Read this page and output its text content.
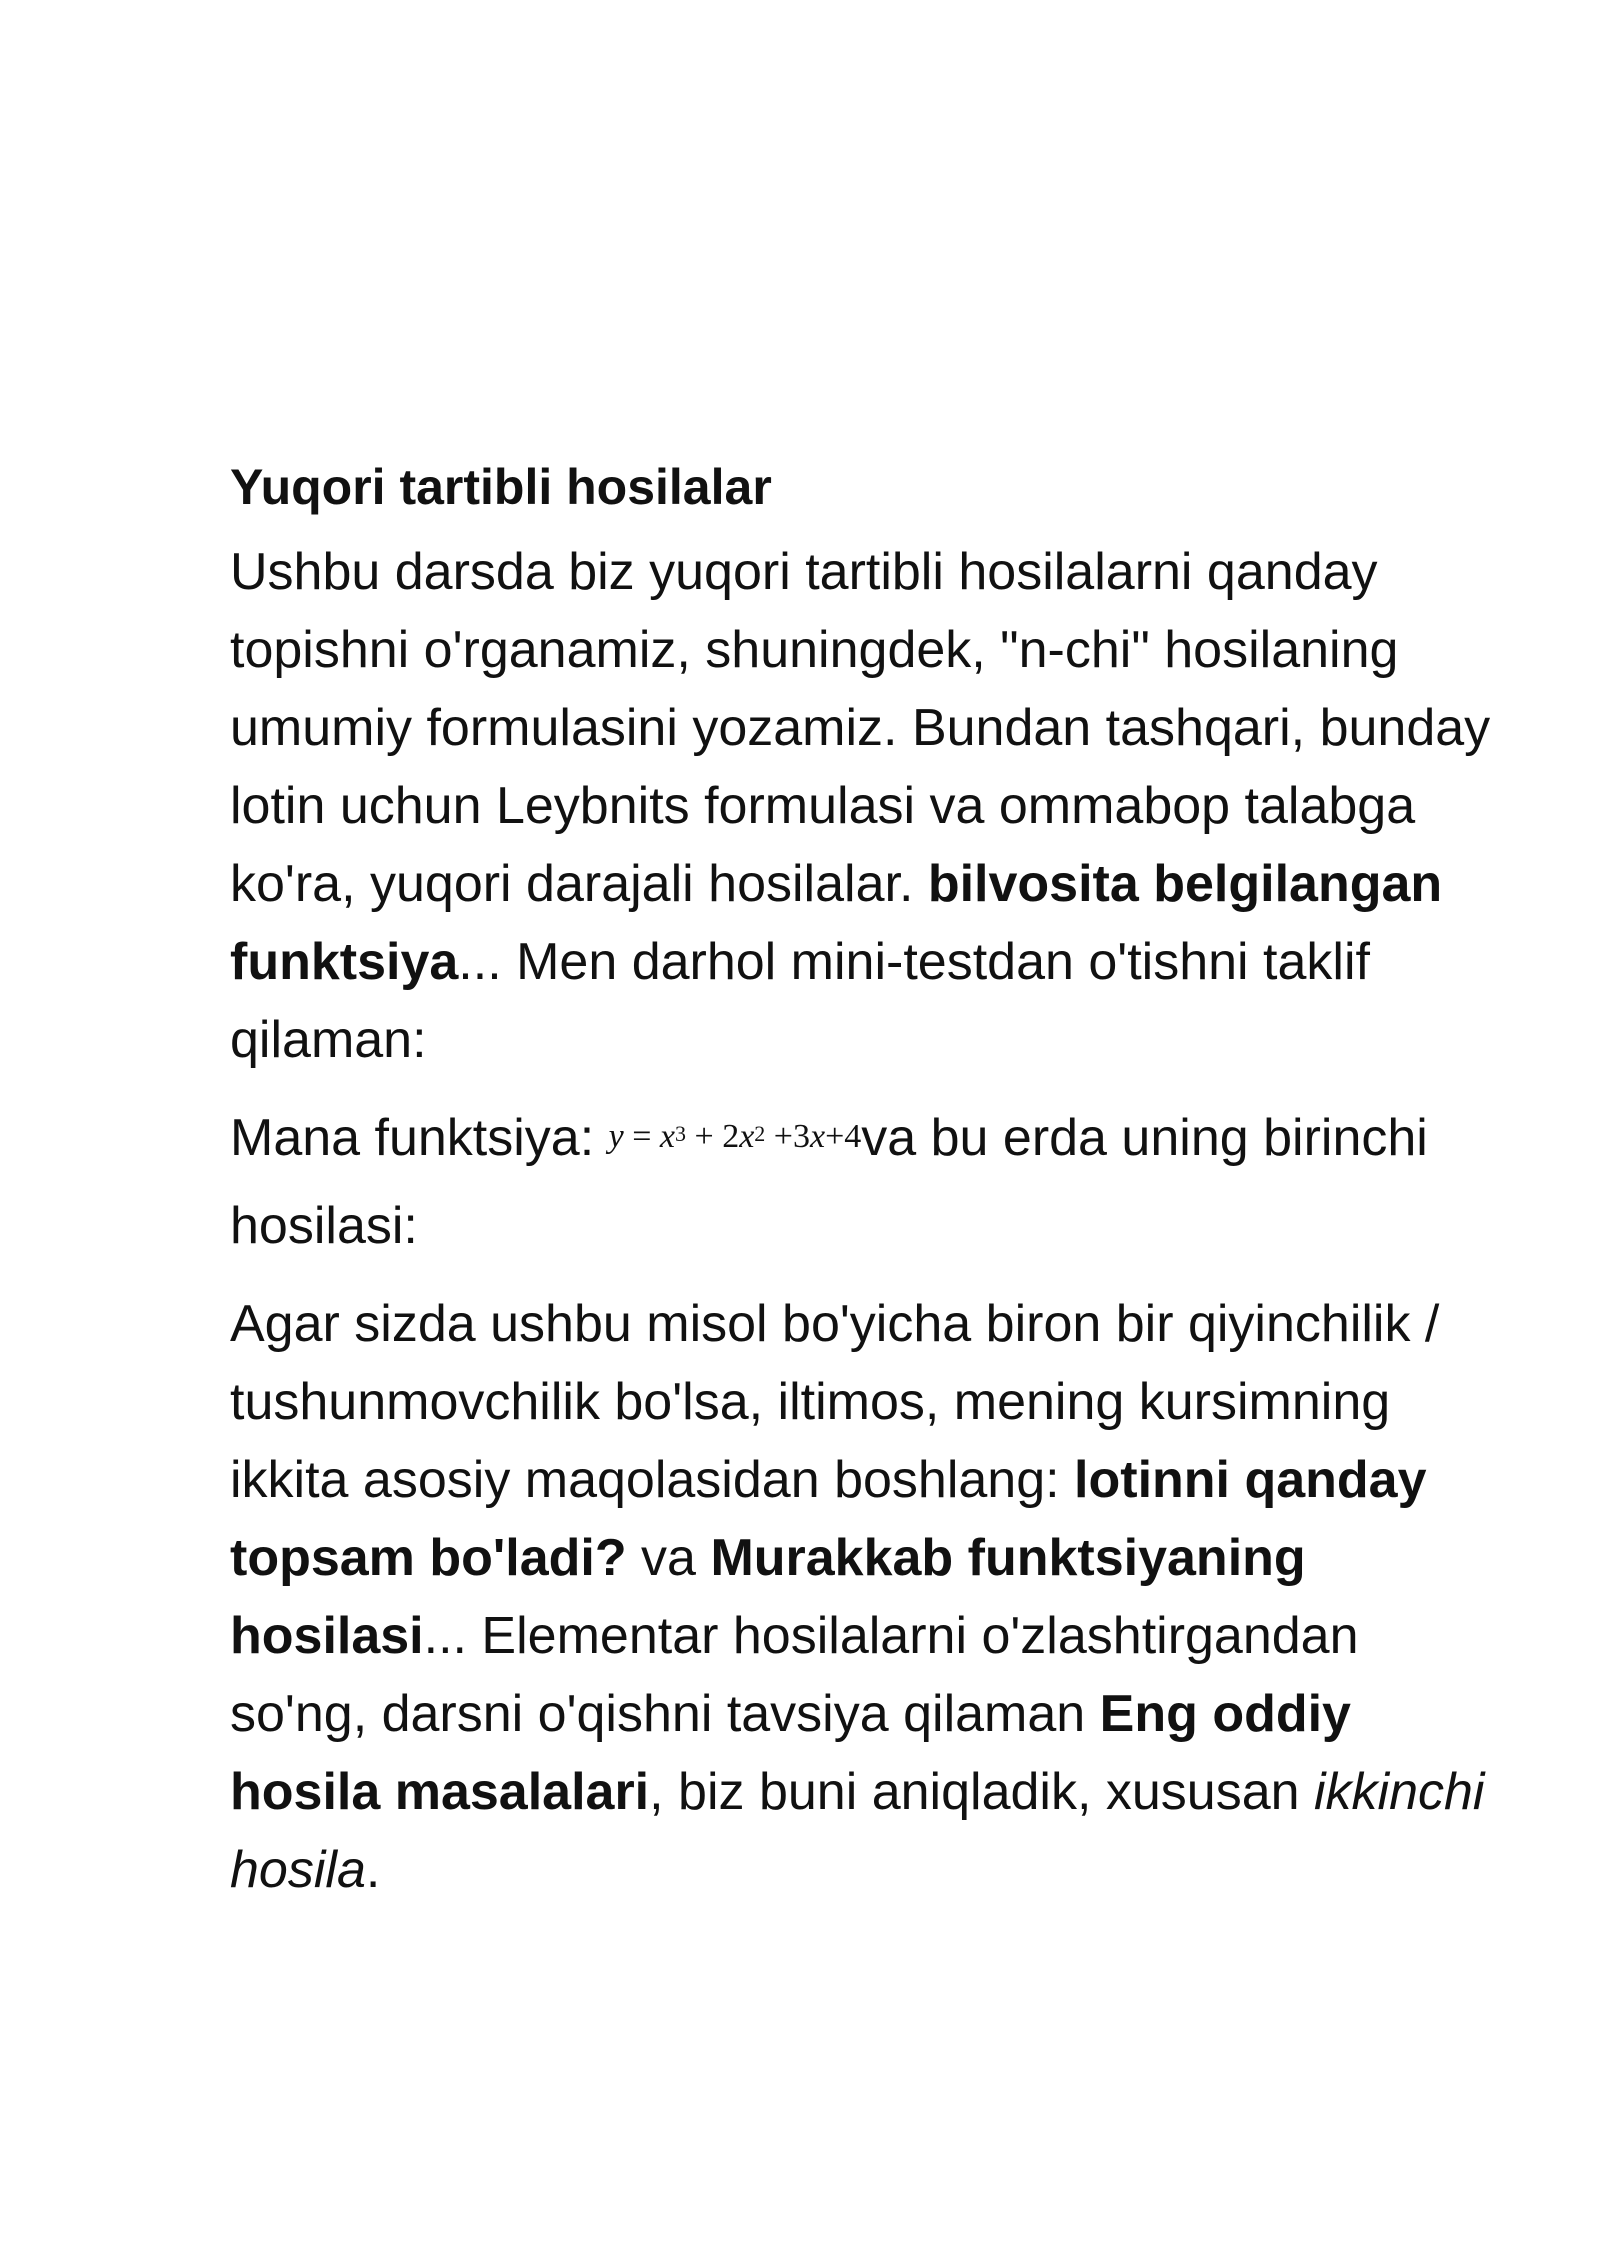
Yuqori tartibli hosilalar

Ushbu darsda biz yuqori tartibli hosilalarni qanday topishni o'rganamiz, shuningdek, "n-chi" hosilaning umumiy formulasini yozamiz. Bundan tashqari, bunday lotin uchun Leybnits formulasi va ommabop talabga ko'ra, yuqori darajali hosilalar. bilvosita belgilangan funktsiya... Men darhol mini-testdan o'tishni taklif qilaman:

Mana funktsiya: $y = x^3 + 2x^2 +3x+4va$ bu erda uning birinchi hosilasi:

Agar sizda ushbu misol bo'yicha biron bir qiyinchilik / tushunmovchilik bo'lsa, iltimos, mening kursimning ikkita asosiy maqolasidan boshlang: lotinni qanday topsam bo'ladi? va Murakkab funktsiyaning hosilasi... Elementar hosilalarni o'zlashtirgandan so'ng, darsni o'qishni tavsiya qilaman Eng oddiy hosila masalalari, biz buni aniqladik, xususan ikkinchi hosila.
